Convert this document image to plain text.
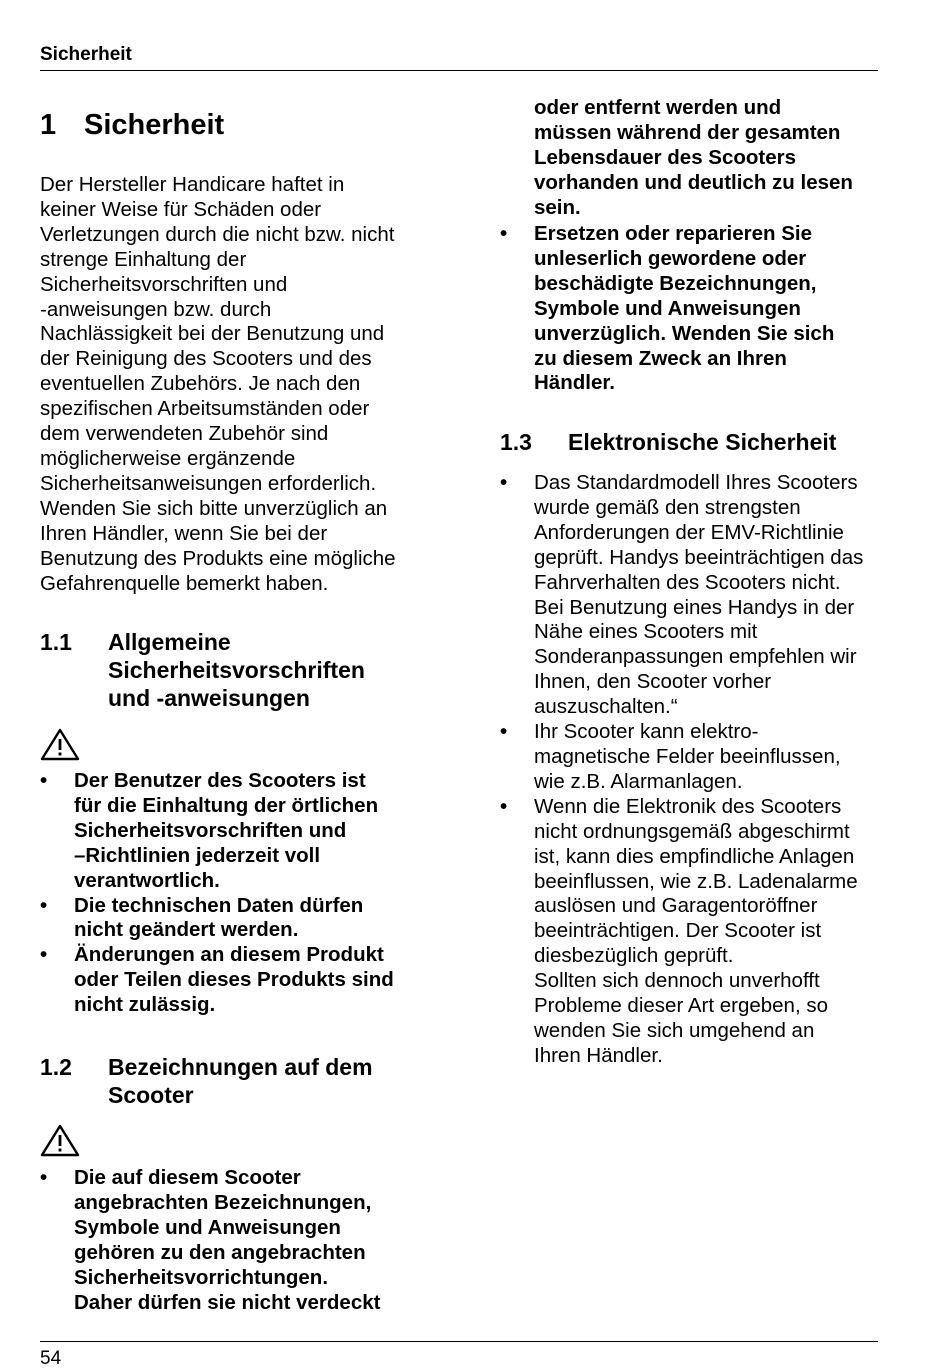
Sicherheit
1 Sicherheit
Der Hersteller Handicare haftet in
keiner Weise für Schäden oder
Verletzungen durch die nicht bzw. nicht
strenge Einhaltung der
Sicherheitsvorschriften und
-anweisungen bzw. durch
Nachlässigkeit bei der Benutzung und
der Reinigung des Scooters und des
eventuellen Zubehörs. Je nach den
spezifischen Arbeitsumständen oder
dem verwendeten Zubehör sind
möglicherweise ergänzende
Sicherheitsanweisungen erforderlich.
Wenden Sie sich bitte unverzüglich an
Ihren Händler, wenn Sie bei der
Benutzung des Produkts eine mögliche
Gefahrenquelle bemerkt haben.
1.1 Allgemeine
Sicherheitsvorschriften
und -anweisungen
• Der Benutzer des Scooters ist
für die Einhaltung der örtlichen
Sicherheitsvorschriften und
–Richtlinien jederzeit voll
verantwortlich.
• Die technischen Daten dürfen
nicht geändert werden.
• Änderungen an diesem Produkt
oder Teilen dieses Produkts sind
nicht zulässig.
1.2 Bezeichnungen auf dem
Scooter
• Die auf diesem Scooter
angebrachten Bezeichnungen,
Symbole und Anweisungen
gehören zu den angebrachten
Sicherheitsvorrichtungen.
Daher dürfen sie nicht verdeckt
oder entfernt werden und
müssen während der gesamten
Lebensdauer des Scooters
vorhanden und deutlich zu lesen
sein.
• Ersetzen oder reparieren Sie
unleserlich gewordene oder
beschädigte Bezeichnungen,
Symbole und Anweisungen
unverzüglich. Wenden Sie sich
zu diesem Zweck an Ihren
Händler.
1.3 Elektronische Sicherheit
• Das Standardmodell Ihres Scooters
wurde gemäß den strengsten
Anforderungen der EMV-Richtlinie
geprüft. Handys beeinträchtigen das
Fahrverhalten des Scooters nicht.
Bei Benutzung eines Handys in der
Nähe eines Scooters mit
Sonderanpassungen empfehlen wir
Ihnen, den Scooter vorher
auszuschalten.“
• Ihr Scooter kann elektro-
magnetische Felder beeinflussen,
wie z.B. Alarmanlagen.
• Wenn die Elektronik des Scooters
nicht ordnungsgemäß abgeschirmt
ist, kann dies empfindliche Anlagen
beeinflussen, wie z.B. Ladenalarme
auslösen und Garagentoröffner
beeinträchtigen. Der Scooter ist
diesbezüglich geprüft.
Sollten sich dennoch unverhofft
Probleme dieser Art ergeben, so
wenden Sie sich umgehend an
Ihren Händler.
54
